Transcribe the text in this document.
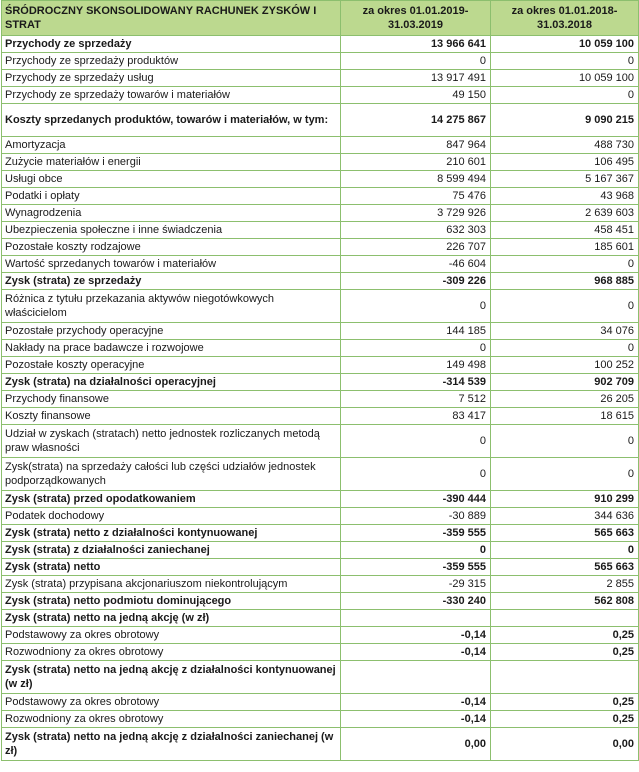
ŚRÓDROCZNY SKONSOLIDOWANY RACHUNEK ZYSKÓW I STRAT	za okres 01.01.2019-31.03.2019	za okres 01.01.2018-31.03.2018
Przychody ze sprzedaży	13 966 641	10 059 100
Przychody ze sprzedaży produktów	0	0
Przychody ze sprzedaży usług	13 917 491	10 059 100
Przychody ze sprzedaży towarów i materiałów	49 150	0
Koszty sprzedanych produktów, towarów i materiałów, w tym:	14 275 867	9 090 215
Amortyzacja	847 964	488 730
Zużycie materiałów i energii	210 601	106 495
Usługi obce	8 599 494	5 167 367
Podatki i opłaty	75 476	43 968
Wynagrodzenia	3 729 926	2 639 603
Ubezpieczenia społeczne i inne świadczenia	632 303	458 451
Pozostałe koszty rodzajowe	226 707	185 601
Wartość sprzedanych towarów i materiałów	-46 604	0
Zysk (strata) ze sprzedaży	-309 226	968 885
Różnica z tytułu przekazania aktywów niegotówkowych właścicielom	0	0
Pozostałe przychody operacyjne	144 185	34 076
Nakłady na prace badawcze i rozwojowe	0	0
Pozostałe koszty operacyjne	149 498	100 252
Zysk (strata) na działalności operacyjnej	-314 539	902 709
Przychody finansowe	7 512	26 205
Koszty finansowe	83 417	18 615
Udział w zyskach (stratach) netto jednostek rozliczanych metodą praw własności	0	0
Zysk(strata) na sprzedaży całości lub części udziałów jednostek podporządkowanych	0	0
Zysk (strata) przed opodatkowaniem	-390 444	910 299
Podatek dochodowy	-30 889	344 636
Zysk (strata) netto z działalności kontynuowanej	-359 555	565 663
Zysk (strata) z działalności zaniechanej	0	0
Zysk (strata) netto	-359 555	565 663
Zysk (strata) przypisana akcjonariuszom niekontrolującym	-29 315	2 855
Zysk (strata) netto podmiotu dominującego	-330 240	562 808
Zysk (strata) netto na jedną akcję (w zł)		
Podstawowy za okres obrotowy	-0,14	0,25
Rozwodniony za okres obrotowy	-0,14	0,25
Zysk (strata) netto na jedną akcję z działalności kontynuowanej (w zł)		
Podstawowy za okres obrotowy	-0,14	0,25
Rozwodniony za okres obrotowy	-0,14	0,25
Zysk (strata) netto na jedną akcję z działalności zaniechanej (w zł)	0,00	0,00
